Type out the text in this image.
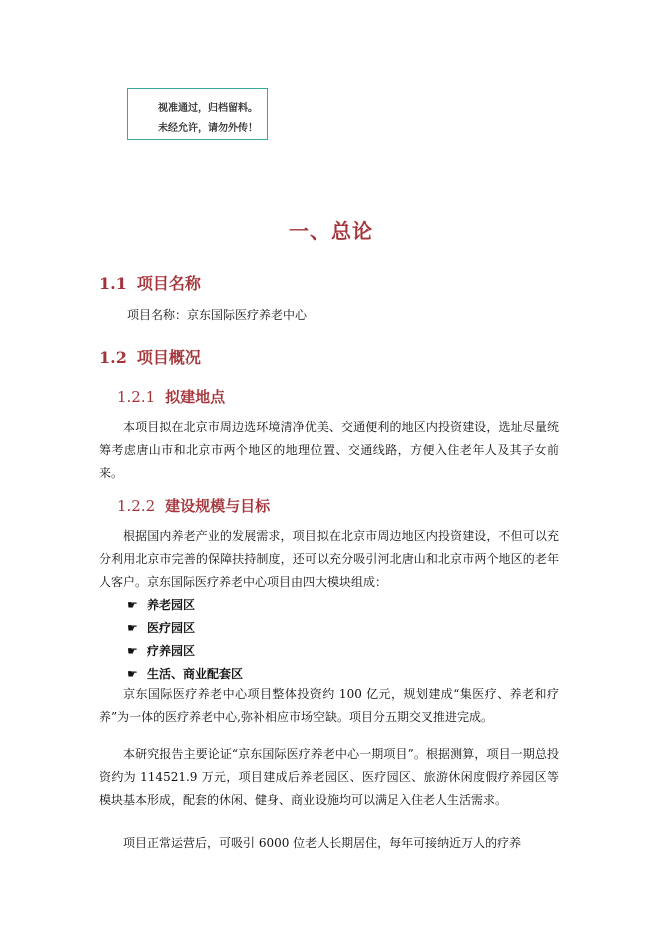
视准通过，归档留料。
未经允许，请勿外传！
一、总论
1.1 项目名称
项目名称：京东国际医疗养老中心
1.2 项目概况
1.2.1 拟建地点
本项目拟在北京市周边选环境清净优美、交通便利的地区内投资建设，选址尽量统筹考虑唐山市和北京市两个地区的地理位置、交通线路，方便入住老年人及其子女前来。
1.2.2 建设规模与目标
根据国内养老产业的发展需求，项目拟在北京市周边地区内投资建设，不但可以充分利用北京市完善的保障扶持制度，还可以充分吸引河北唐山和北京市两个地区的老年人客户。京东国际医疗养老中心项目由四大模块组成：
☛ 养老园区
☛ 医疗园区
☛ 疗养园区
☛ 生活、商业配套区
京东国际医疗养老中心项目整体投资约 100 亿元，规划建成“集医疗、养老和疗养”为一体的医疗养老中心,弥补相应市场空缺。项目分五期交叉推进完成。
本研究报告主要论证“京东国际医疗养老中心一期项目”。根据测算，项目一期总投资约为 114521.9 万元，项目建成后养老园区、医疗园区、旅游休闲度假疗养园区等模块基本形成，配套的休闲、健身、商业设施均可以满足入住老人生活需求。
项目正常运营后，可吸引 6000 位老人长期居住，每年可接纳近万人的疗养
